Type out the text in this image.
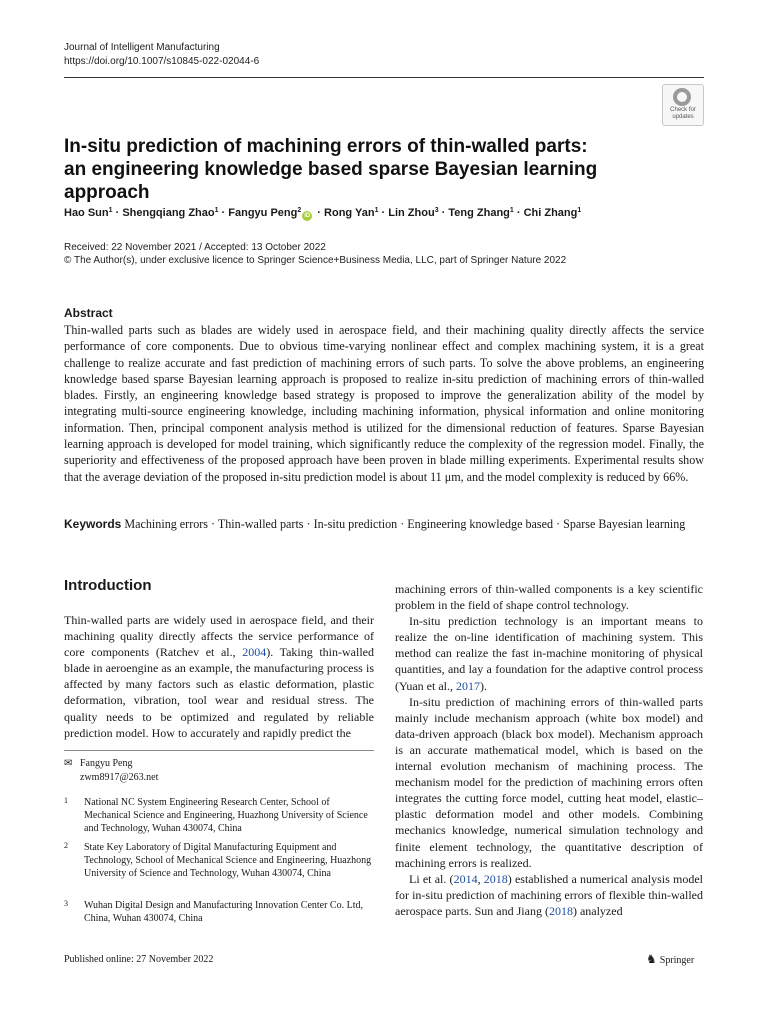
Journal of Intelligent Manufacturing
https://doi.org/10.1007/s10845-022-02044-6
Check for
updates
In-situ prediction of machining errors of thin-walled parts:
an engineering knowledge based sparse Bayesian learning approach
Hao Sun$^1$ · Shengqiang Zhao$^1$ · Fangyu Peng$^2$iD · Rong Yan$^1$ · Lin Zhou$^3$ · Teng Zhang$^1$ · Chi Zhang$^1$
Received: 22 November 2021 / Accepted: 13 October 2022
© The Author(s), under exclusive licence to Springer Science+Business Media, LLC, part of Springer Nature 2022
Abstract
Thin-walled parts such as blades are widely used in aerospace field, and their machining quality directly affects the service performance of core components. Due to obvious time-varying nonlinear effect and complex machining system, it is a great challenge to realize accurate and fast prediction of machining errors of such parts. To solve the above problems, an engineering knowledge based sparse Bayesian learning approach is proposed to realize in-situ prediction of machining errors of thin-walled blades. Firstly, an engineering knowledge based strategy is proposed to improve the generalization ability of the model by integrating multi-source engineering knowledge, including machining information, physical information and online monitoring information. Then, principal component analysis method is utilized for the dimensional reduction of features. Sparse Bayesian learning approach is developed for model training, which significantly reduce the complexity of the regression model. Finally, the superiority and effectiveness of the proposed approach have been proven in blade milling experiments. Experimental results show that the average deviation of the proposed in-situ prediction model is about 11 μm, and the model complexity is reduced by 66%.
Keywords Machining errors · Thin-walled parts · In-situ prediction · Engineering knowledge based · Sparse Bayesian learning
Introduction

Thin-walled parts are widely used in aerospace field, and their machining quality directly affects the service performance of core components (Ratchev et al., 2004). Taking thin-walled blade in aeroengine as an example, the manufacturing process is affected by many factors such as elastic deformation, plastic deformation, vibration, tool wear and residual stress. The quality needs to be optimized and regulated by reliable prediction model. How to accurately and rapidly predict the

machining errors of thin-walled components is a key scientific problem in the field of shape control technology.

In-situ prediction technology is an important means to realize the on-line identification of machining system. This method can realize the fast in-machine monitoring of physical quantities, and lay a foundation for the adaptive control process (Yuan et al., 2017).

In-situ prediction of machining errors of thin-walled parts mainly include mechanism approach (white box model) and data-driven approach (black box model). Mechanism approach is an accurate mathematical model, which is based on the internal evolution mechanism of machining process. The mechanism model for the prediction of machining errors often integrates the cutting force model, cutting heat model, elastic–plastic deformation model and other models. Combining mechanics knowledge, numerical simulation technology and finite element technology, the quantitative description of machining errors is realized.

Li et al. (2014, 2018) established a numerical analysis model for in-situ prediction of machining errors of flexible thin-walled aerospace parts. Sun and Jiang (2018) analyzed

✉ Fangyu Peng
zwm8917@263.net
1 National NC System Engineering Research Center, School of Mechanical Science and Engineering, Huazhong University of Science and Technology, Wuhan 430074, China
2 State Key Laboratory of Digital Manufacturing Equipment and Technology, School of Mechanical Science and Engineering, Huazhong University of Science and Technology, Wuhan 430074, China
3 Wuhan Digital Design and Manufacturing Innovation Center Co. Ltd, China, Wuhan 430074, China
Published online: 27 November 2022	♞ Springer
